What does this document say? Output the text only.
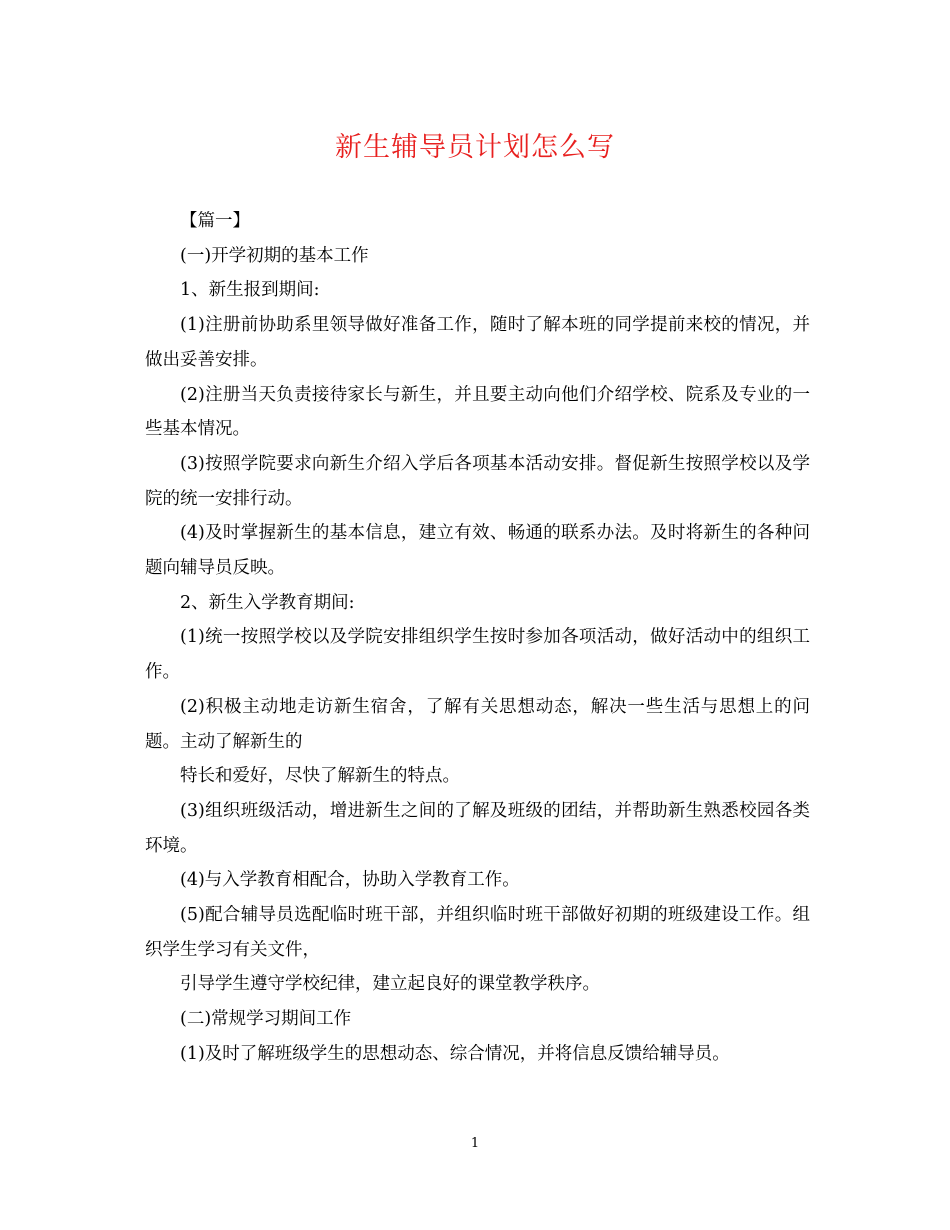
新生辅导员计划怎么写

【篇一】

(一)开学初期的基本工作

1、新生报到期间:

(1)注册前协助系里领导做好准备工作，随时了解本班的同学提前来校的情况，并做出妥善安排。

(2)注册当天负责接待家长与新生，并且要主动向他们介绍学校、院系及专业的一些基本情况。

(3)按照学院要求向新生介绍入学后各项基本活动安排。督促新生按照学校以及学院的统一安排行动。

(4)及时掌握新生的基本信息，建立有效、畅通的联系办法。及时将新生的各种问题向辅导员反映。

2、新生入学教育期间:

(1)统一按照学校以及学院安排组织学生按时参加各项活动，做好活动中的组织工作。

(2)积极主动地走访新生宿舍，了解有关思想动态，解决一些生活与思想上的问题。主动了解新生的

特长和爱好，尽快了解新生的特点。

(3)组织班级活动，增进新生之间的了解及班级的团结，并帮助新生熟悉校园各类环境。

(4)与入学教育相配合，协助入学教育工作。

(5)配合辅导员选配临时班干部，并组织临时班干部做好初期的班级建设工作。组织学生学习有关文件，

引导学生遵守学校纪律，建立起良好的课堂教学秩序。

(二)常规学习期间工作

(1)及时了解班级学生的思想动态、综合情况，并将信息反馈给辅导员。

1
